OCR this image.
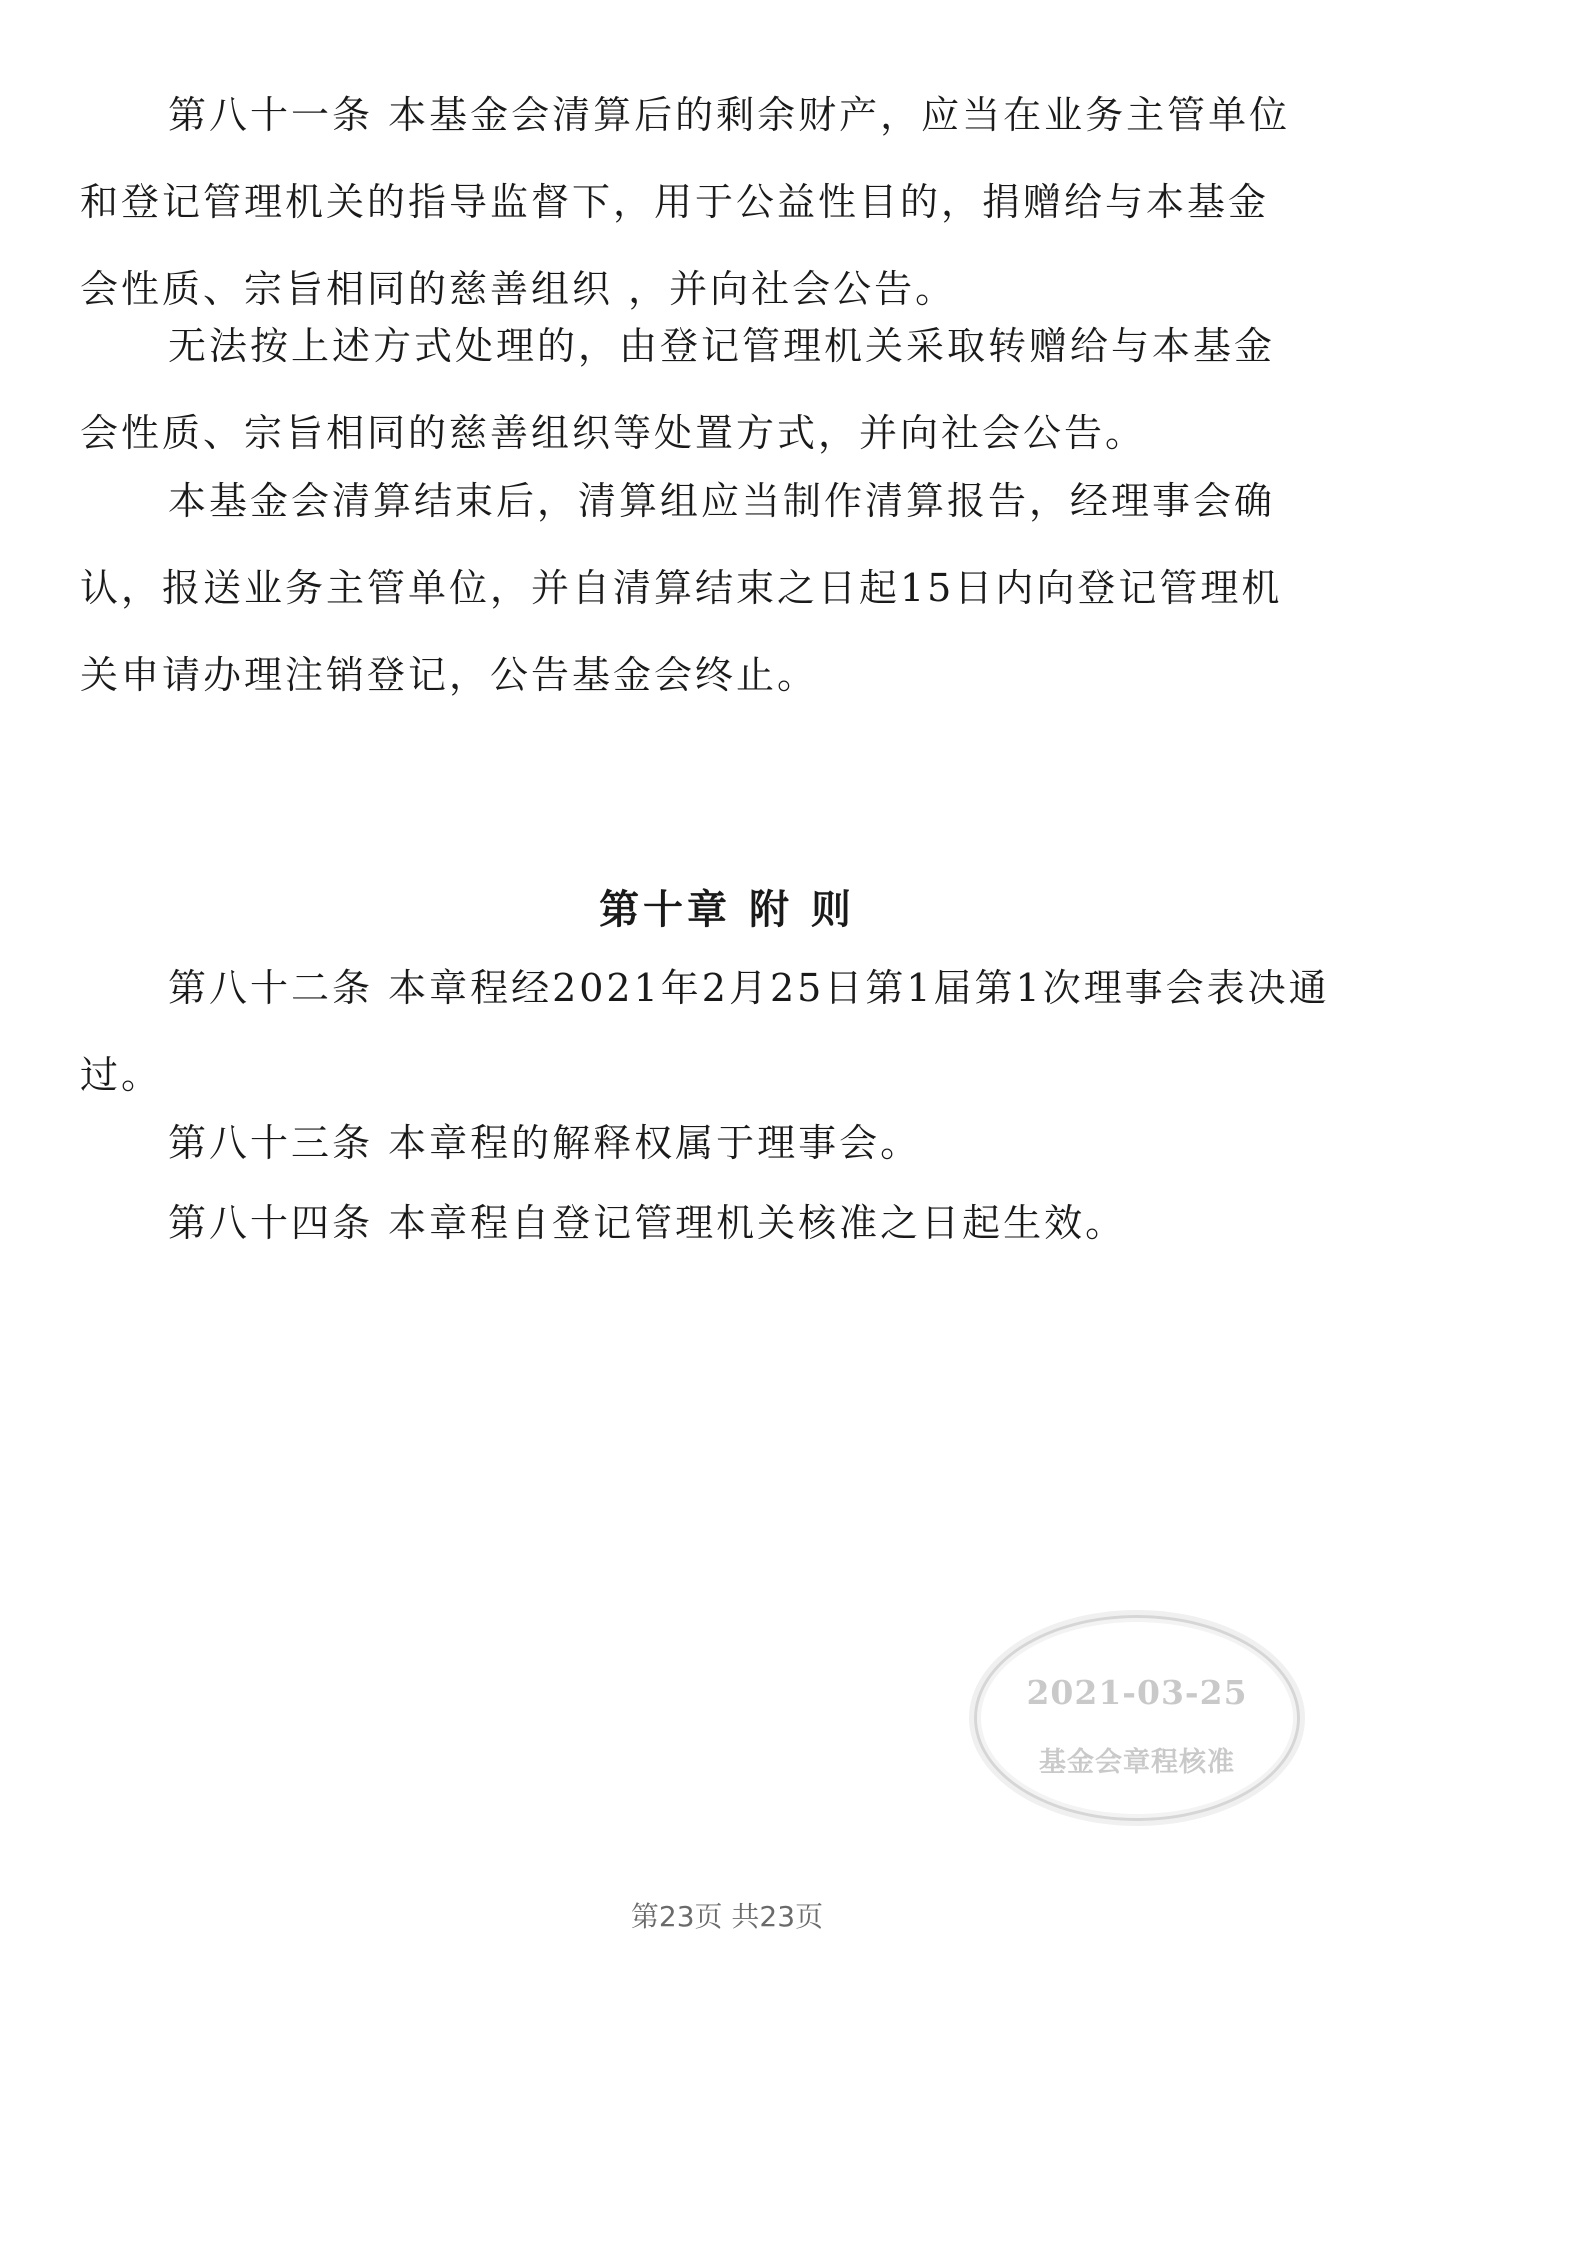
第八十一条 本基金会清算后的剩余财产，应当在业务主管单位
和登记管理机关的指导监督下，用于公益性目的，捐赠给与本基金
会性质、宗旨相同的慈善组织 ，并向社会公告。
无法按上述方式处理的，由登记管理机关采取转赠给与本基金
会性质、宗旨相同的慈善组织等处置方式，并向社会公告。
本基金会清算结束后，清算组应当制作清算报告，经理事会确
认，报送业务主管单位，并自清算结束之日起15日内向登记管理机
关申请办理注销登记，公告基金会终止。
第十章 附 则
第八十二条 本章程经2021年2月25日第1届第1次理事会表决通
过。
第八十三条 本章程的解释权属于理事会。
第八十四条 本章程自登记管理机关核准之日起生效。
2021-03-25
基金会章程核准
第23页 共23页
